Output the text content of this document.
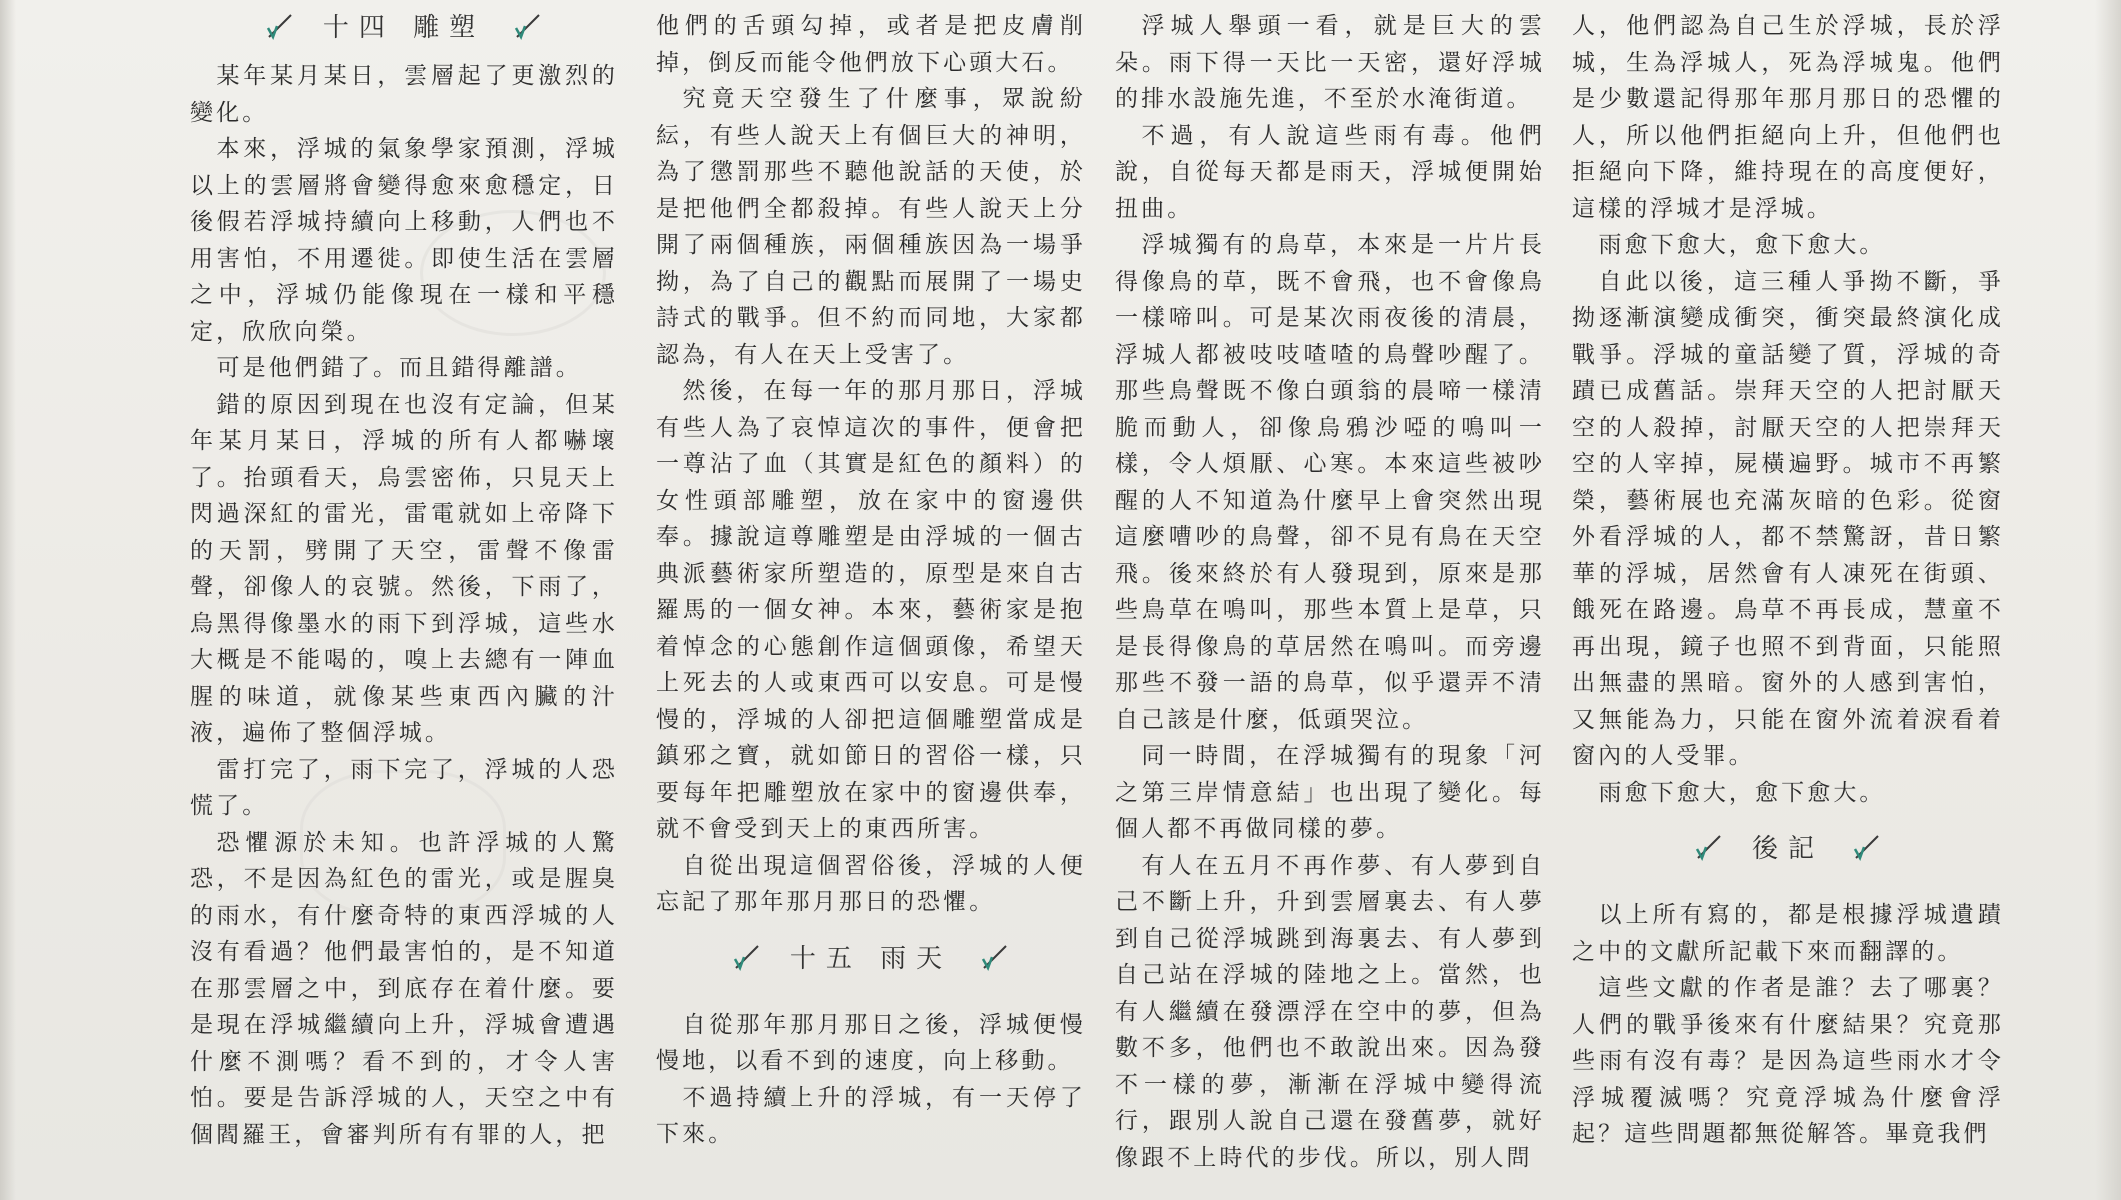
十四 雕塑

某年某月某日，雲層起了更激烈的變化。

本來，浮城的氣象學家預測，浮城以上的雲層將會變得愈來愈穩定，日後假若浮城持續向上移動，人們也不用害怕，不用遷徙。即使生活在雲層之中，浮城仍能像現在一樣和平穩定，欣欣向榮。

可是他們錯了。而且錯得離譜。

錯的原因到現在也沒有定論，但某年某月某日，浮城的所有人都嚇壞了。抬頭看天，烏雲密佈，只見天上閃過深紅的雷光，雷電就如上帝降下的天罰，劈開了天空，雷聲不像雷聲，卻像人的哀號。然後，下雨了，烏黑得像墨水的雨下到浮城，這些水大概是不能喝的，嗅上去總有一陣血腥的味道，就像某些東西內臟的汁液，遍佈了整個浮城。

雷打完了，雨下完了，浮城的人恐慌了。

恐懼源於未知。也許浮城的人驚恐，不是因為紅色的雷光，或是腥臭的雨水，有什麼奇特的東西浮城的人沒有看過？他們最害怕的，是不知道在那雲層之中，到底存在着什麼。要是現在浮城繼續向上升，浮城會遭遇什麼不測嗎？看不到的，才令人害怕。要是告訴浮城的人，天空之中有個閻羅王，會審判所有有罪的人，把

他們的舌頭勾掉，或者是把皮膚削掉，倒反而能令他們放下心頭大石。

究竟天空發生了什麼事，眾說紛紜，有些人說天上有個巨大的神明，為了懲罰那些不聽他說話的天使，於是把他們全都殺掉。有些人說天上分開了兩個種族，兩個種族因為一場爭拗，為了自己的觀點而展開了一場史詩式的戰爭。但不約而同地，大家都認為，有人在天上受害了。

然後，在每一年的那月那日，浮城有些人為了哀悼這次的事件，便會把一尊沾了血（其實是紅色的顏料）的女性頭部雕塑，放在家中的窗邊供奉。據說這尊雕塑是由浮城的一個古典派藝術家所塑造的，原型是來自古羅馬的一個女神。本來，藝術家是抱着悼念的心態創作這個頭像，希望天上死去的人或東西可以安息。可是慢慢的，浮城的人卻把這個雕塑當成是鎮邪之寶，就如節日的習俗一樣，只要每年把雕塑放在家中的窗邊供奉，就不會受到天上的東西所害。

自從出現這個習俗後，浮城的人便忘記了那年那月那日的恐懼。

十五 雨天

自從那年那月那日之後，浮城便慢慢地，以看不到的速度，向上移動。

不過持續上升的浮城，有一天停了下來。

浮城人舉頭一看，就是巨大的雲朵。雨下得一天比一天密，還好浮城的排水設施先進，不至於水淹街道。

不過，有人說這些雨有毒。他們說，自從每天都是雨天，浮城便開始扭曲。

浮城獨有的鳥草，本來是一片片長得像鳥的草，既不會飛，也不會像鳥一樣啼叫。可是某次雨夜後的清晨，浮城人都被吱吱喳喳的鳥聲吵醒了。那些鳥聲既不像白頭翁的晨啼一樣清脆而動人，卻像烏鴉沙啞的鳴叫一樣，令人煩厭、心寒。本來這些被吵醒的人不知道為什麼早上會突然出現這麼嘈吵的鳥聲，卻不見有鳥在天空飛。後來終於有人發現到，原來是那些鳥草在鳴叫，那些本質上是草，只是長得像鳥的草居然在鳴叫。而旁邊那些不發一語的鳥草，似乎還弄不清自己該是什麼，低頭哭泣。

同一時間，在浮城獨有的現象「河之第三岸情意結」也出現了變化。每個人都不再做同樣的夢。

有人在五月不再作夢、有人夢到自己不斷上升，升到雲層裏去、有人夢到自己從浮城跳到海裏去、有人夢到自己站在浮城的陸地之上。當然，也有人繼續在發漂浮在空中的夢，但為數不多，他們也不敢說出來。因為發不一樣的夢，漸漸在浮城中變得流行，跟別人說自己還在發舊夢，就好像跟不上時代的步伐。所以，別人問

人，他們認為自己生於浮城，長於浮城，生為浮城人，死為浮城鬼。他們是少數還記得那年那月那日的恐懼的人，所以他們拒絕向上升，但他們也拒絕向下降，維持現在的高度便好，這樣的浮城才是浮城。

雨愈下愈大，愈下愈大。

自此以後，這三種人爭拗不斷，爭拗逐漸演變成衝突，衝突最終演化成戰爭。浮城的童話變了質，浮城的奇蹟已成舊話。崇拜天空的人把討厭天空的人殺掉，討厭天空的人把崇拜天空的人宰掉，屍橫遍野。城市不再繁榮，藝術展也充滿灰暗的色彩。從窗外看浮城的人，都不禁驚訝，昔日繁華的浮城，居然會有人凍死在街頭、餓死在路邊。鳥草不再長成，慧童不再出現，鏡子也照不到背面，只能照出無盡的黑暗。窗外的人感到害怕，又無能為力，只能在窗外流着淚看着窗內的人受罪。

雨愈下愈大，愈下愈大。

後記

以上所有寫的，都是根據浮城遺蹟之中的文獻所記載下來而翻譯的。

這些文獻的作者是誰？去了哪裏？人們的戰爭後來有什麼結果？究竟那些雨有沒有毒？是因為這些雨水才令浮城覆滅嗎？究竟浮城為什麼會浮起？這些問題都無從解答。畢竟我們
